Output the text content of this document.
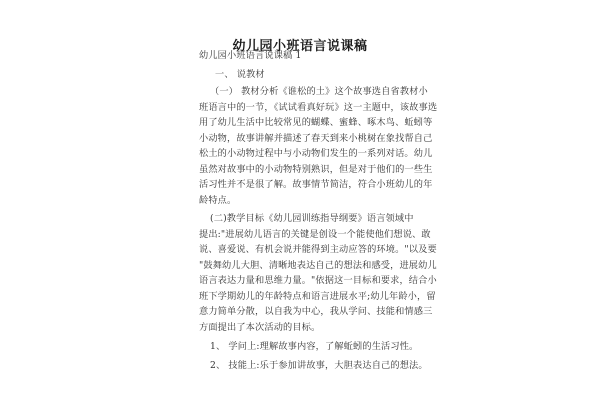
幼儿园小班语言说课稿

幼儿园小班语言说课稿 1

一、 说教材

（一） 教材分析《谁松的土》这个故事选自省教材小

班语言中的一节，《试试看真好玩》这一主题中，该故事选

用了幼儿生活中比较常见的蝴蝶、蜜蜂、啄木鸟、蚯蚓等

小动物，故事讲解并描述了春天到来小桃树在象找帮自己

松土的小动物过程中与小动物们发生的一系列对话。幼儿

虽然对故事中的小动物特别熟识，但是对于他们的一些生

活习性并不是很了解。故事情节简洁，符合小班幼儿的年

龄特点。

(二)教学目标《幼儿园训练指导纲要》语言领域中

提出:"进展幼儿语言的关键是创设一个能使他们想说、敢

说、喜爱说、有机会说并能得到主动应答的环境。"以及要

"鼓舞幼儿大胆、清晰地表达自己的想法和感受，进展幼儿

语言表达力量和思维力量。"依据这一目标和要求，结合小

班下学期幼儿的年龄特点和语言进展水平;幼儿年龄小，留

意力简单分散，以自我为中心，我从学问、技能和情感三

方面提出了本次活动的目标。

1、 学问上:理解故事内容，了解蚯蚓的生活习性。

2、 技能上:乐于参加讲故事，大胆表达自己的想法。
